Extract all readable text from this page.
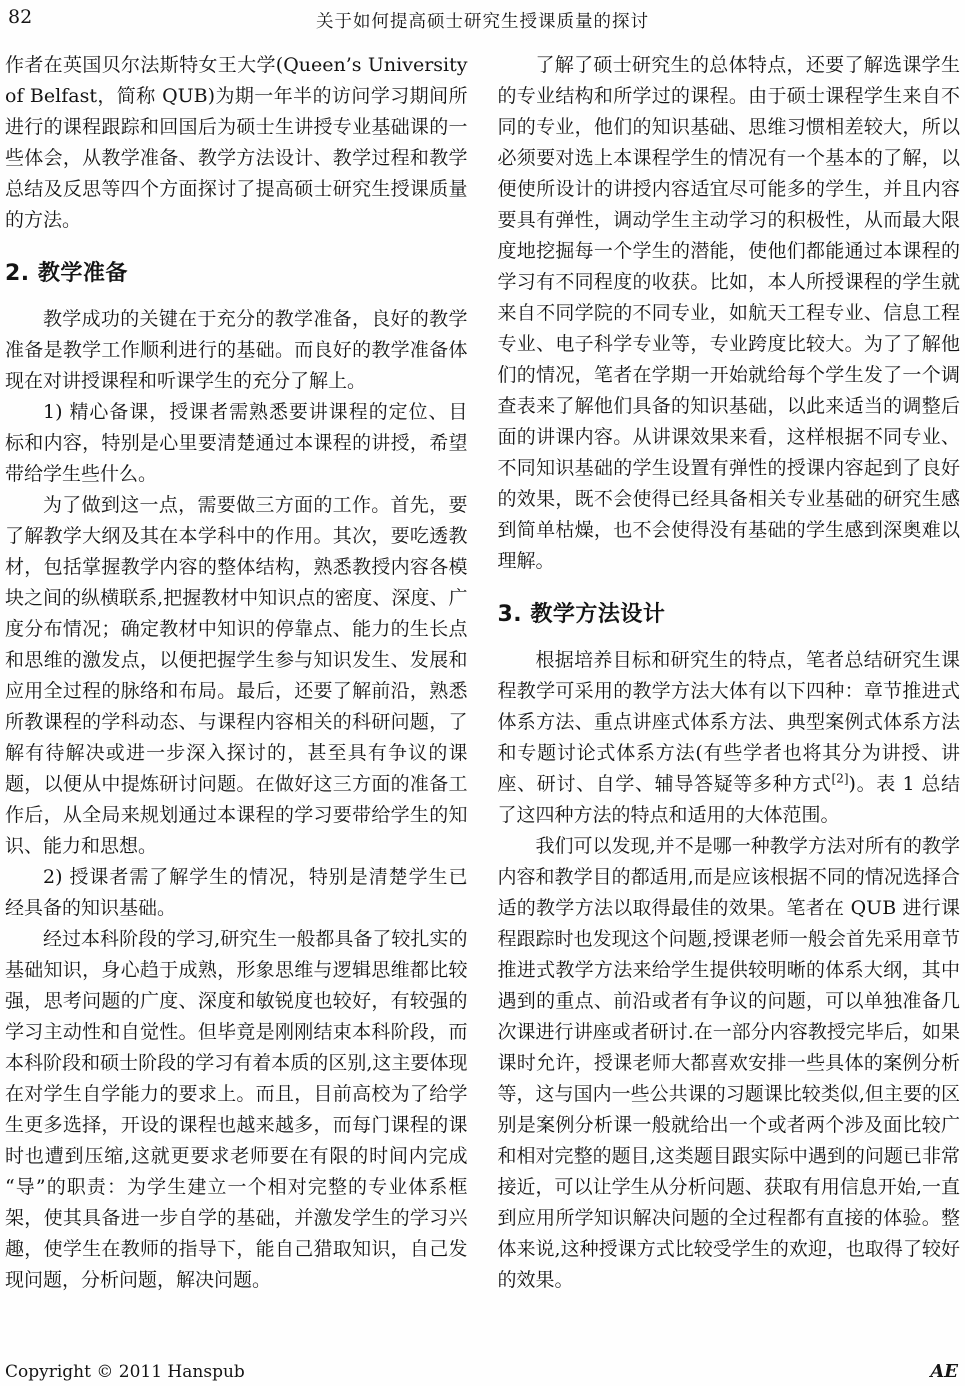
82	关于如何提高硕士研究生授课质量的探讨

作者在英国贝尔法斯特女王大学(Queen’s University of Belfast，简称 QUB)为期一年半的访问学习期间所进行的课程跟踪和回国后为硕士生讲授专业基础课的一些体会，从教学准备、教学方法设计、教学过程和教学总结及反思等四个方面探讨了提高硕士研究生授课质量的方法。

2. 教学准备

教学成功的关键在于充分的教学准备，良好的教学准备是教学工作顺利进行的基础。而良好的教学准备体现在对讲授课程和听课学生的充分了解上。

1) 精心备课，授课者需熟悉要讲课程的定位、目标和内容，特别是心里要清楚通过本课程的讲授，希望带给学生些什么。

为了做到这一点，需要做三方面的工作。首先，要了解教学大纲及其在本学科中的作用。其次，要吃透教材，包括掌握教学内容的整体结构，熟悉教授内容各模块之间的纵横联系,把握教材中知识点的密度、深度、广度分布情况；确定教材中知识的停靠点、能力的生长点和思维的激发点，以便把握学生参与知识发生、发展和应用全过程的脉络和布局。最后，还要了解前沿，熟悉所教课程的学科动态、与课程内容相关的科研问题，了解有待解决或进一步深入探讨的，甚至具有争议的课题，以便从中提炼研讨问题。在做好这三方面的准备工作后，从全局来规划通过本课程的学习要带给学生的知识、能力和思想。

2) 授课者需了解学生的情况，特别是清楚学生已经具备的知识基础。

经过本科阶段的学习,研究生一般都具备了较扎实的基础知识，身心趋于成熟，形象思维与逻辑思维都比较强，思考问题的广度、深度和敏锐度也较好，有较强的学习主动性和自觉性。但毕竟是刚刚结束本科阶段，而本科阶段和硕士阶段的学习有着本质的区别,这主要体现在对学生自学能力的要求上。而且，目前高校为了给学生更多选择，开设的课程也越来越多，而每门课程的课时也遭到压缩,这就更要求老师要在有限的时间内完成“导”的职责：为学生建立一个相对完整的专业体系框架，使其具备进一步自学的基础，并激发学生的学习兴趣，使学生在教师的指导下，能自己猎取知识，自己发现问题，分析问题，解决问题。

了解了硕士研究生的总体特点，还要了解选课学生的专业结构和所学过的课程。由于硕士课程学生来自不同的专业，他们的知识基础、思维习惯相差较大，所以必须要对选上本课程学生的情况有一个基本的了解，以便使所设计的讲授内容适宜尽可能多的学生，并且内容要具有弹性，调动学生主动学习的积极性，从而最大限度地挖掘每一个学生的潜能，使他们都能通过本课程的学习有不同程度的收获。比如，本人所授课程的学生就来自不同学院的不同专业，如航天工程专业、信息工程专业、电子科学专业等，专业跨度比较大。为了了解他们的情况，笔者在学期一开始就给每个学生发了一个调查表来了解他们具备的知识基础，以此来适当的调整后面的讲课内容。从讲课效果来看，这样根据不同专业、不同知识基础的学生设置有弹性的授课内容起到了良好的效果，既不会使得已经具备相关专业基础的研究生感到简单枯燥，也不会使得没有基础的学生感到深奥难以理解。

3. 教学方法设计

根据培养目标和研究生的特点，笔者总结研究生课程教学可采用的教学方法大体有以下四种：章节推进式体系方法、重点讲座式体系方法、典型案例式体系方法和专题讨论式体系方法(有些学者也将其分为讲授、讲座、研讨、自学、辅导答疑等多种方式[2])。表 1 总结了这四种方法的特点和适用的大体范围。

我们可以发现,并不是哪一种教学方法对所有的教学内容和教学目的都适用,而是应该根据不同的情况选择合适的教学方法以取得最佳的效果。笔者在 QUB 进行课程跟踪时也发现这个问题,授课老师一般会首先采用章节推进式教学方法来给学生提供较明晰的体系大纲，其中遇到的重点、前沿或者有争议的问题，可以单独准备几次课进行讲座或者研讨.在一部分内容教授完毕后，如果课时允许，授课老师大都喜欢安排一些具体的案例分析等，这与国内一些公共课的习题课比较类似,但主要的区别是案例分析课一般就给出一个或者两个涉及面比较广和相对完整的题目,这类题目跟实际中遇到的问题已非常接近，可以让学生从分析问题、获取有用信息开始,一直到应用所学知识解决问题的全过程都有直接的体验。整体来说,这种授课方式比较受学生的欢迎，也取得了较好的效果。

Copyright © 2011 Hanspub	AE
